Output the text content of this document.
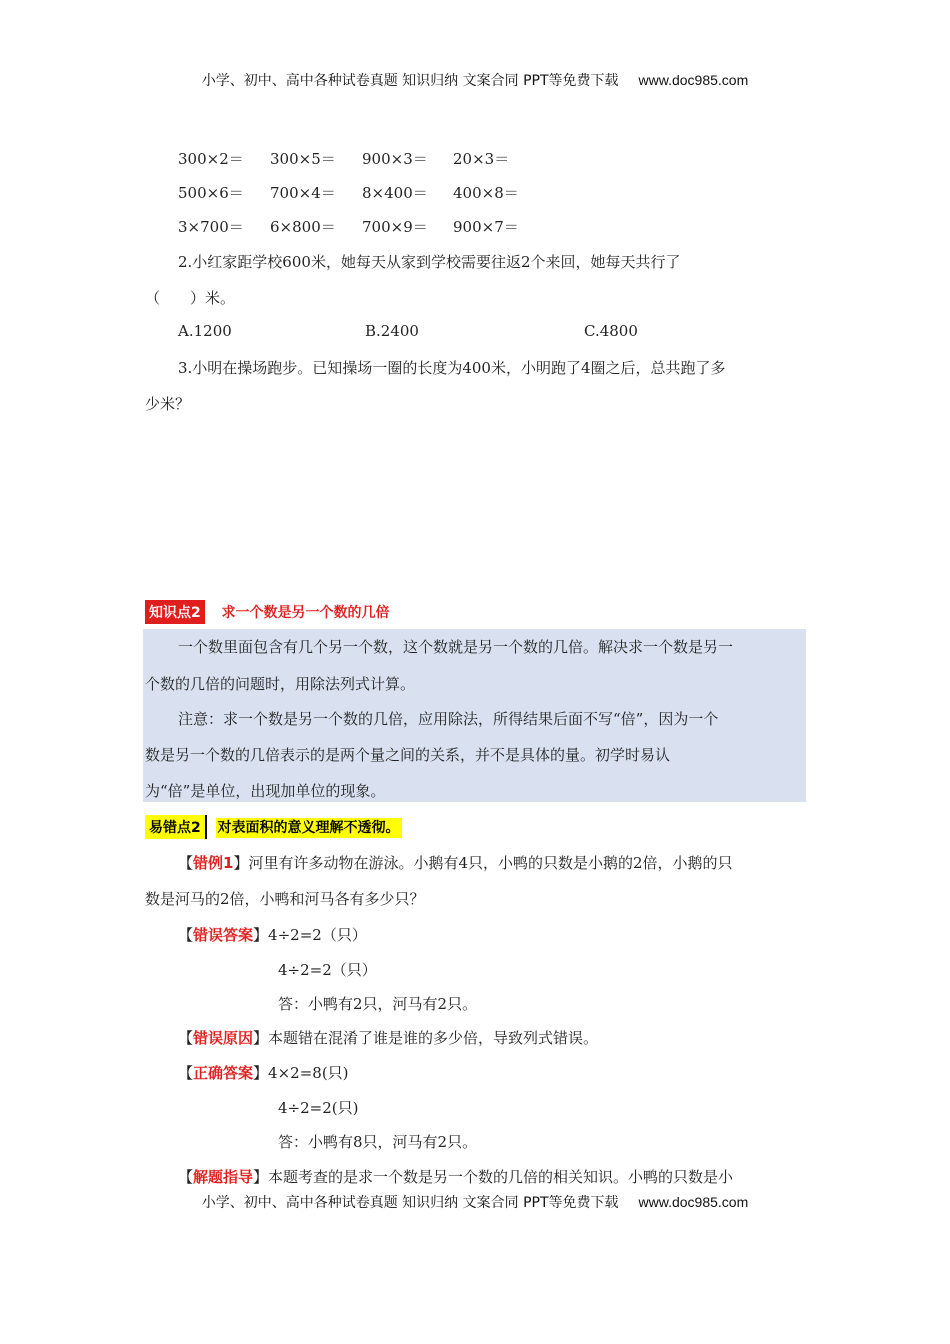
小学、初中、高中各种试卷真题 知识归纳 文案合同 PPT等免费下载 www.doc985.com
300×2＝ 300×5＝ 900×3＝ 20×3＝
500×6＝ 700×4＝ 8×400＝ 400×8＝
3×700＝ 6×800＝ 700×9＝ 900×7＝
2.小红家距学校600米，她每天从家到学校需要往返2个来回，她每天共行了
（　　）米。
A.1200	B.2400	C.4800
3.小明在操场跑步。已知操场一圈的长度为400米，小明跑了4圈之后，总共跑了多
少米？
知识点2 求一个数是另一个数的几倍
一个数里面包含有几个另一个数，这个数就是另一个数的几倍。解决求一个数是另一
个数的几倍的问题时，用除法列式计算。
注意：求一个数是另一个数的几倍，应用除法，所得结果后面不写“倍”，因为一个
数是另一个数的几倍表示的是两个量之间的关系，并不是具体的量。初学时易认
为“倍”是单位，出现加单位的现象。
易错点2 对表面积的意义理解不透彻。
【错例1】河里有许多动物在游泳。小鹅有4只，小鸭的只数是小鹅的2倍，小鹅的只
数是河马的2倍，小鸭和河马各有多少只？
【错误答案】4÷2=2（只）
4÷2=2（只）
答：小鸭有2只，河马有2只。
【错误原因】本题错在混淆了谁是谁的多少倍，导致列式错误。
【正确答案】4×2=8(只)
4÷2=2(只)
答：小鸭有8只，河马有2只。
【解题指导】本题考查的是求一个数是另一个数的几倍的相关知识。小鸭的只数是小
小学、初中、高中各种试卷真题 知识归纳 文案合同 PPT等免费下载 www.doc985.com
